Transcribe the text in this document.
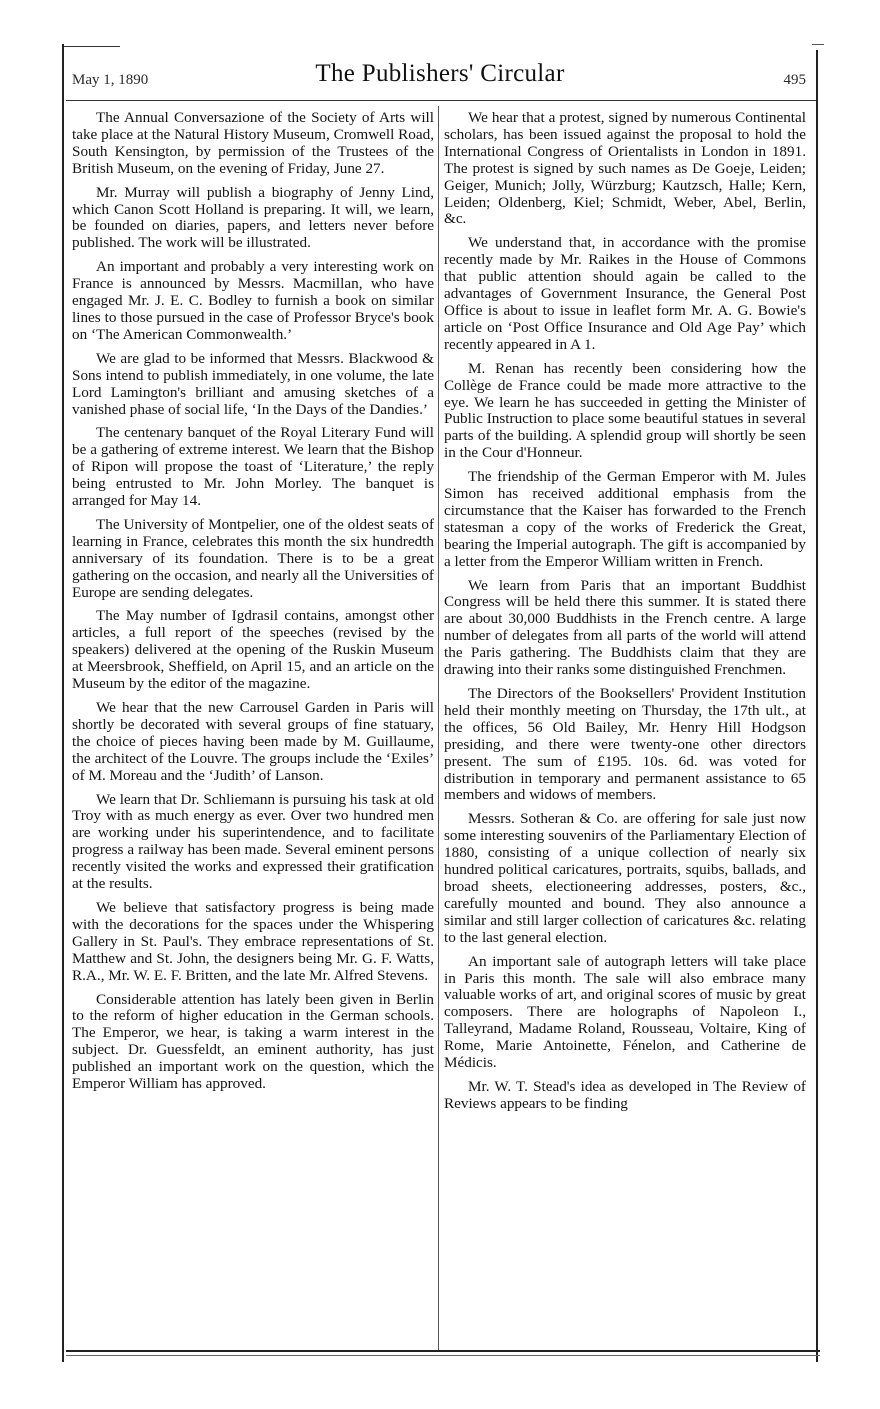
May 1, 1890	The Publishers' Circular	495

The Annual Conversazione of the Society of Arts will take place at the Natural History Museum, Cromwell Road, South Kensington, by permission of the Trustees of the British Museum, on the evening of Friday, June 27.

Mr. Murray will publish a biography of Jenny Lind, which Canon Scott Holland is preparing. It will, we learn, be founded on diaries, papers, and letters never before published. The work will be illustrated.

An important and probably a very interesting work on France is announced by Messrs. Macmillan, who have engaged Mr. J. E. C. Bodley to furnish a book on similar lines to those pursued in the case of Professor Bryce's book on ‘The American Commonwealth.’

We are glad to be informed that Messrs. Blackwood & Sons intend to publish immediately, in one volume, the late Lord Lamington's brilliant and amusing sketches of a vanished phase of social life, ‘In the Days of the Dandies.’

The centenary banquet of the Royal Literary Fund will be a gathering of extreme interest. We learn that the Bishop of Ripon will propose the toast of ‘Literature,’ the reply being entrusted to Mr. John Morley. The banquet is arranged for May 14.

The University of Montpelier, one of the oldest seats of learning in France, celebrates this month the six hundredth anniversary of its foundation. There is to be a great gathering on the occasion, and nearly all the Universities of Europe are sending delegates.

The May number of Igdrasil contains, amongst other articles, a full report of the speeches (revised by the speakers) delivered at the opening of the Ruskin Museum at Meersbrook, Sheffield, on April 15, and an article on the Museum by the editor of the magazine.

We hear that the new Carrousel Garden in Paris will shortly be decorated with several groups of fine statuary, the choice of pieces having been made by M. Guillaume, the architect of the Louvre. The groups include the ‘Exiles’ of M. Moreau and the ‘Judith’ of Lanson.

We learn that Dr. Schliemann is pursuing his task at old Troy with as much energy as ever. Over two hundred men are working under his superintendence, and to facilitate progress a railway has been made. Several eminent persons recently visited the works and expressed their gratification at the results.

We believe that satisfactory progress is being made with the decorations for the spaces under the Whispering Gallery in St. Paul's. They embrace representations of St. Matthew and St. John, the designers being Mr. G. F. Watts, R.A., Mr. W. E. F. Britten, and the late Mr. Alfred Stevens.

Considerable attention has lately been given in Berlin to the reform of higher education in the German schools. The Emperor, we hear, is taking a warm interest in the subject. Dr. Guessfeldt, an eminent authority, has just published an important work on the question, which the Emperor William has approved.

We hear that a protest, signed by numerous Continental scholars, has been issued against the proposal to hold the International Congress of Orientalists in London in 1891. The protest is signed by such names as De Goeje, Leiden; Geiger, Munich; Jolly, Würzburg; Kautzsch, Halle; Kern, Leiden; Oldenberg, Kiel; Schmidt, Weber, Abel, Berlin, &c.

We understand that, in accordance with the promise recently made by Mr. Raikes in the House of Commons that public attention should again be called to the advantages of Government Insurance, the General Post Office is about to issue in leaflet form Mr. A. G. Bowie's article on ‘Post Office Insurance and Old Age Pay’ which recently appeared in A 1.

M. Renan has recently been considering how the Collège de France could be made more attractive to the eye. We learn he has succeeded in getting the Minister of Public Instruction to place some beautiful statues in several parts of the building. A splendid group will shortly be seen in the Cour d'Honneur.

The friendship of the German Emperor with M. Jules Simon has received additional emphasis from the circumstance that the Kaiser has forwarded to the French statesman a copy of the works of Frederick the Great, bearing the Imperial autograph. The gift is accompanied by a letter from the Emperor William written in French.

We learn from Paris that an important Buddhist Congress will be held there this summer. It is stated there are about 30,000 Buddhists in the French centre. A large number of delegates from all parts of the world will attend the Paris gathering. The Buddhists claim that they are drawing into their ranks some distinguished Frenchmen.

The Directors of the Booksellers' Provident Institution held their monthly meeting on Thursday, the 17th ult., at the offices, 56 Old Bailey, Mr. Henry Hill Hodgson presiding, and there were twenty-one other directors present. The sum of £195. 10s. 6d. was voted for distribution in temporary and permanent assistance to 65 members and widows of members.

Messrs. Sotheran & Co. are offering for sale just now some interesting souvenirs of the Parliamentary Election of 1880, consisting of a unique collection of nearly six hundred political caricatures, portraits, squibs, ballads, and broad sheets, electioneering addresses, posters, &c., carefully mounted and bound. They also announce a similar and still larger collection of caricatures &c. relating to the last general election.

An important sale of autograph letters will take place in Paris this month. The sale will also embrace many valuable works of art, and original scores of music by great composers. There are holographs of Napoleon I., Talleyrand, Madame Roland, Rousseau, Voltaire, King of Rome, Marie Antoinette, Fénelon, and Catherine de Médicis.

Mr. W. T. Stead's idea as developed in The Review of Reviews appears to be finding
